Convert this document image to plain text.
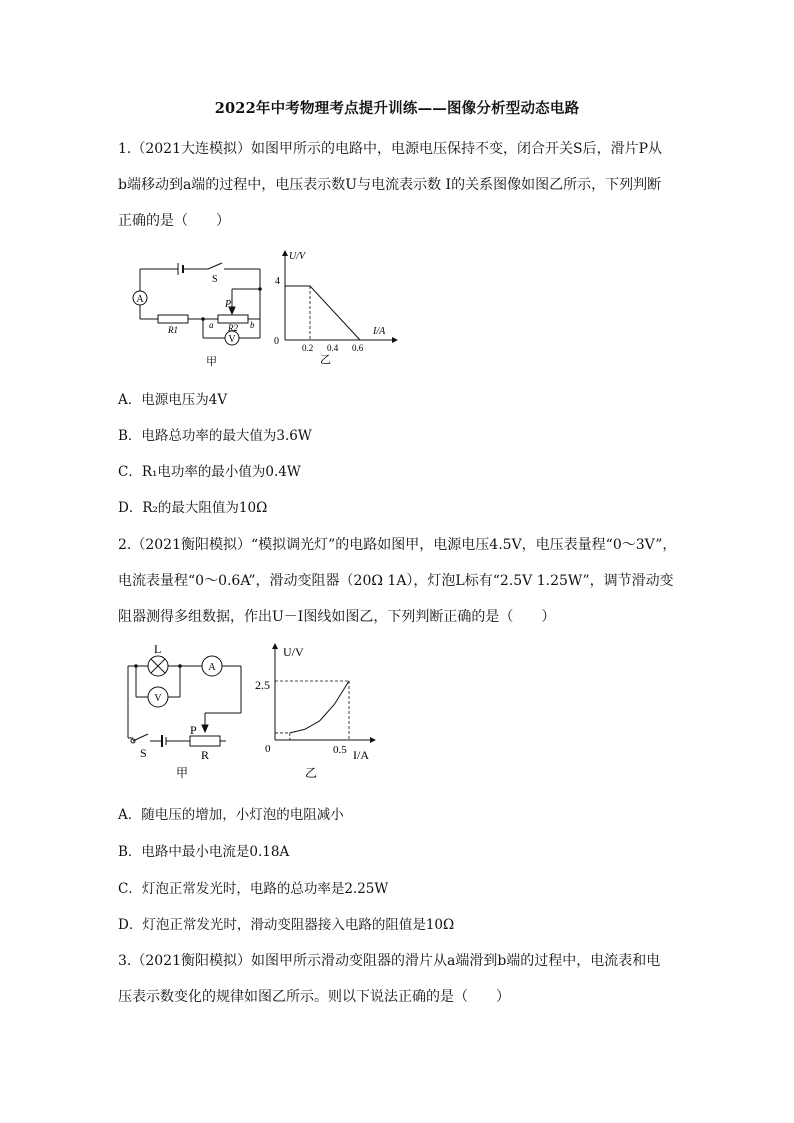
2022年中考物理考点提升训练——图像分析型动态电路
1.（2021大连模拟）如图甲所示的电路中，电源电压保持不变，闭合开关S后，滑片P从
b端移动到a端的过程中，电压表示数U与电流表示数 I的关系图像如图乙所示，下列判断
正确的是（　　）
A
V
S
R1	R2
P
a	b
甲
U/V
I/A
4
0
0.2 0.4 0.6
乙
A．电源电压为4V
B．电路总功率的最大值为3.6W
C．R₁电功率的最小值为0.4W
D．R₂的最大阻值为10Ω
2.（2021衡阳模拟）“模拟调光灯”的电路如图甲，电源电压4.5V，电压表量程“0～3V”，
电流表量程“0～0.6A”，滑动变阻器（20Ω 1A），灯泡L标有“2.5V 1.25W”，调节滑动变
阻器测得多组数据，作出U－I图线如图乙，下列判断正确的是（　　）
L
A
V
S
P
R
甲
U/V
I/A
2.5
0	0.5
乙
A．随电压的增加，小灯泡的电阻减小
B．电路中最小电流是0.18A
C．灯泡正常发光时，电路的总功率是2.25W
D．灯泡正常发光时，滑动变阻器接入电路的阻值是10Ω
3.（2021衡阳模拟）如图甲所示滑动变阻器的滑片从a端滑到b端的过程中，电流表和电
压表示数变化的规律如图乙所示。则以下说法正确的是（　　）
